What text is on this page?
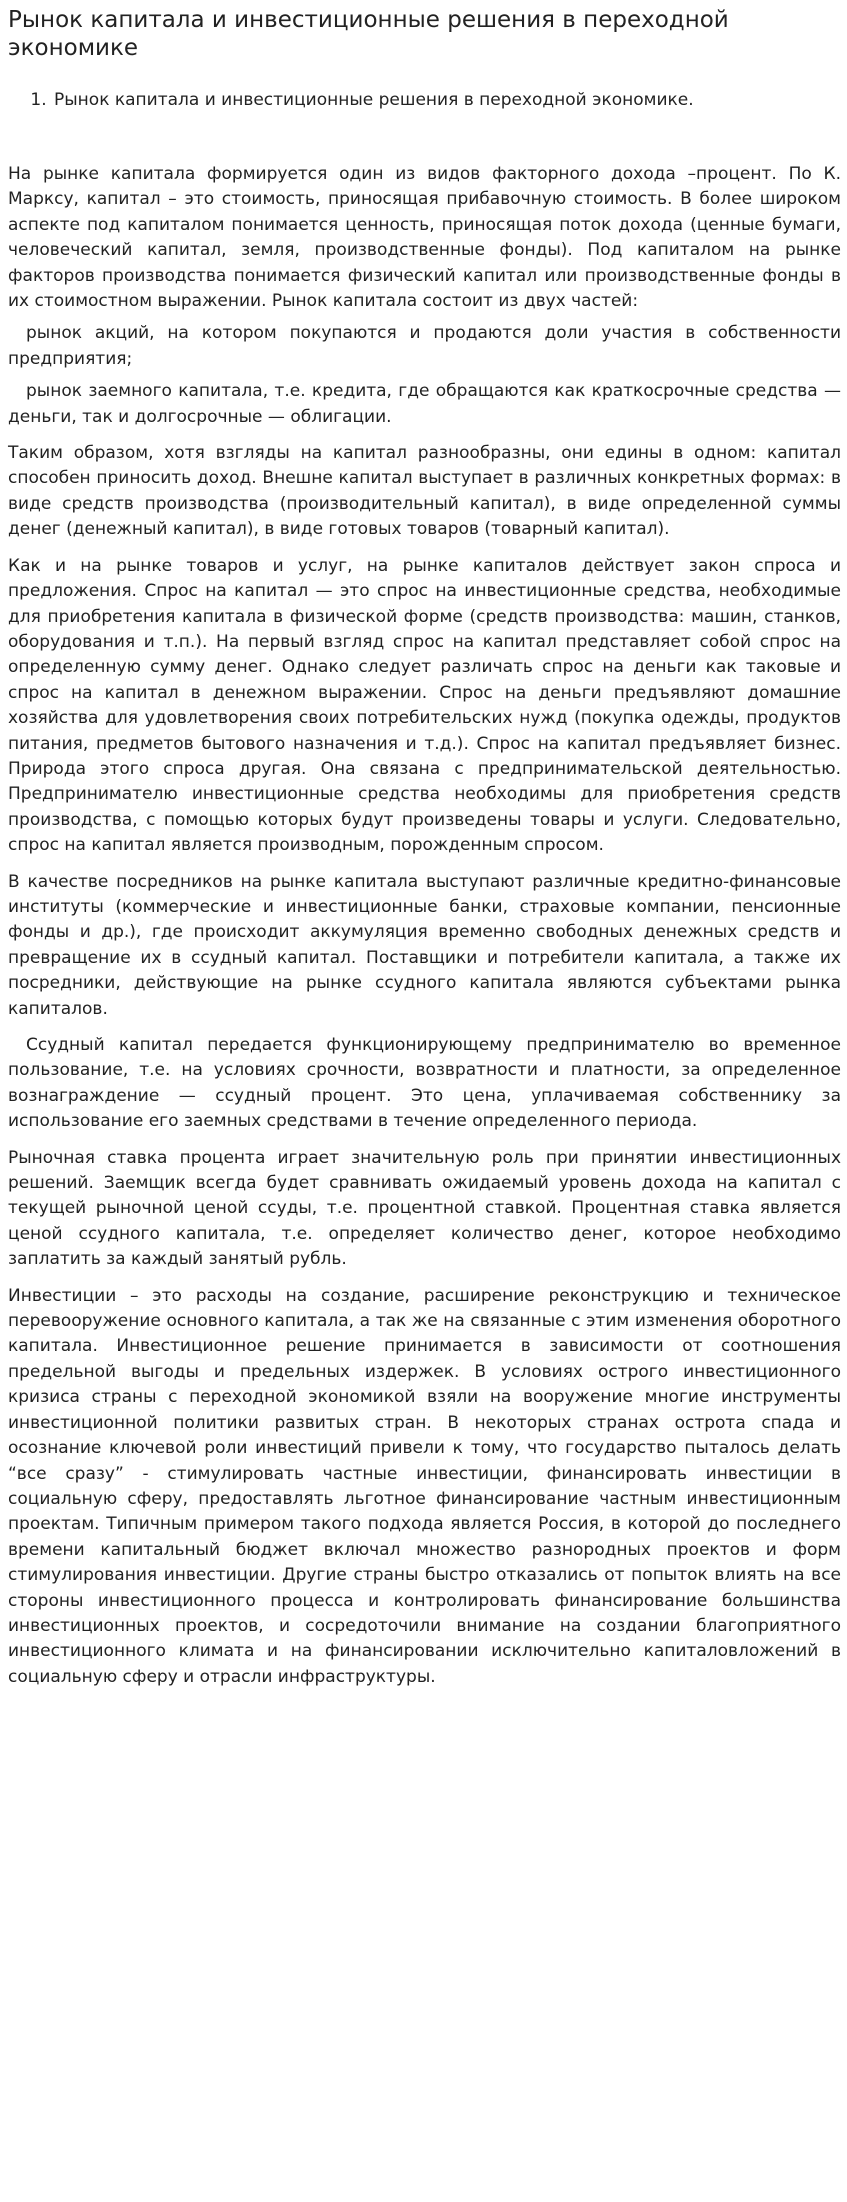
Рынок капитала и инвестиционные решения в переходной экономике
1. Рынок капитала и инвестиционные решения в переходной экономике.

На рынке капитала формируется один из видов факторного дохода –процент. По К. Марксу, капитал – это стоимость, приносящая прибавочную стоимость. В более широком аспекте под капиталом понимается ценность, приносящая поток дохода (ценные бумаги, человеческий капитал, земля, производственные фонды). Под капиталом на рынке факторов производства понимается физический капитал или производственные фонды в их стоимостном выражении. Рынок капитала состоит из двух частей:

рынок акций, на котором покупаются и продаются доли участия в собственности предприятия;

рынок заемного капитала, т.е. кредита, где обращаются как краткосрочные средства — деньги, так и долгосрочные — облигации.

Таким образом, хотя взгляды на капитал разнообразны, они едины в одном: капитал способен приносить доход. Внешне капитал выступает в различных конкретных формах: в виде средств производства (производительный капитал), в виде определенной суммы денег (денежный капитал), в виде готовых товаров (товарный капитал).

Как и на рынке товаров и услуг, на рынке капиталов действует закон спроса и предложения. Спрос на капитал — это спрос на инвестиционные средства, необходимые для приобретения капитала в физической форме (средств производства: машин, станков, оборудования и т.п.). На первый взгляд спрос на капитал представляет собой спрос на определенную сумму денег. Однако следует различать спрос на деньги как таковые и спрос на капитал в денежном выражении. Спрос на деньги предъявляют домашние хозяйства для удовлетворения своих потребительских нужд (покупка одежды, продуктов питания, предметов бытового назначения и т.д.). Спрос на капитал предъявляет бизнес. Природа этого спроса другая. Она связана с предпринимательской деятельностью. Предпринимателю инвестиционные средства необходимы для приобретения средств производства, с помощью которых будут произведены товары и услуги. Следовательно, спрос на капитал является производным, порожденным спросом.

В качестве посредников на рынке капитала выступают различные кредитно-финансовые институты (коммерческие и инвестиционные банки, страховые компании, пенсионные фонды и др.), где происходит аккумуляция временно свободных денежных средств и превращение их в ссудный капитал. Поставщики и потребители капитала, а также их посредники, действующие на рынке ссудного капитала являются субъектами рынка капиталов.

Ссудный капитал передается функционирующему предпринимателю во временное пользование, т.е. на условиях срочности, возвратности и платности, за определенное вознаграждение — ссудный процент. Это цена, уплачиваемая собственнику за использование его заемных средствами в течение определенного периода.

Рыночная ставка процента играет значительную роль при принятии инвестиционных решений. Заемщик всегда будет сравнивать ожидаемый уровень дохода на капитал с текущей рыночной ценой ссуды, т.е. процентной ставкой. Процентная ставка является ценой ссудного капитала, т.е. определяет количество денег, которое необходимо заплатить за каждый занятый рубль.

Инвестиции – это расходы на создание, расширение реконструкцию и техническое перевооружение основного капитала, а так же на связанные с этим изменения оборотного капитала. Инвестиционное решение принимается в зависимости от соотношения предельной выгоды и предельных издержек. В условиях острого инвестиционного кризиса страны с переходной экономикой взяли на вооружение многие инструменты инвестиционной политики развитых стран. В некоторых странах острота спада и осознание ключевой роли инвестиций привели к тому, что государство пыталось делать “все сразу” - стимулировать частные инвестиции, финансировать инвестиции в социальную сферу, предоставлять льготное финансирование частным инвестиционным проектам. Типичным примером такого подхода является Россия, в которой до последнего времени капитальный бюджет включал множество разнородных проектов и форм стимулирования инвестиции. Другие страны быстро отказались от попыток влиять на все стороны инвестиционного процесса и контролировать финансирование большинства инвестиционных проектов, и сосредоточили внимание на создании благоприятного инвестиционного климата и на финансировании исключительно капиталовложений в социальную сферу и отрасли инфраструктуры.
